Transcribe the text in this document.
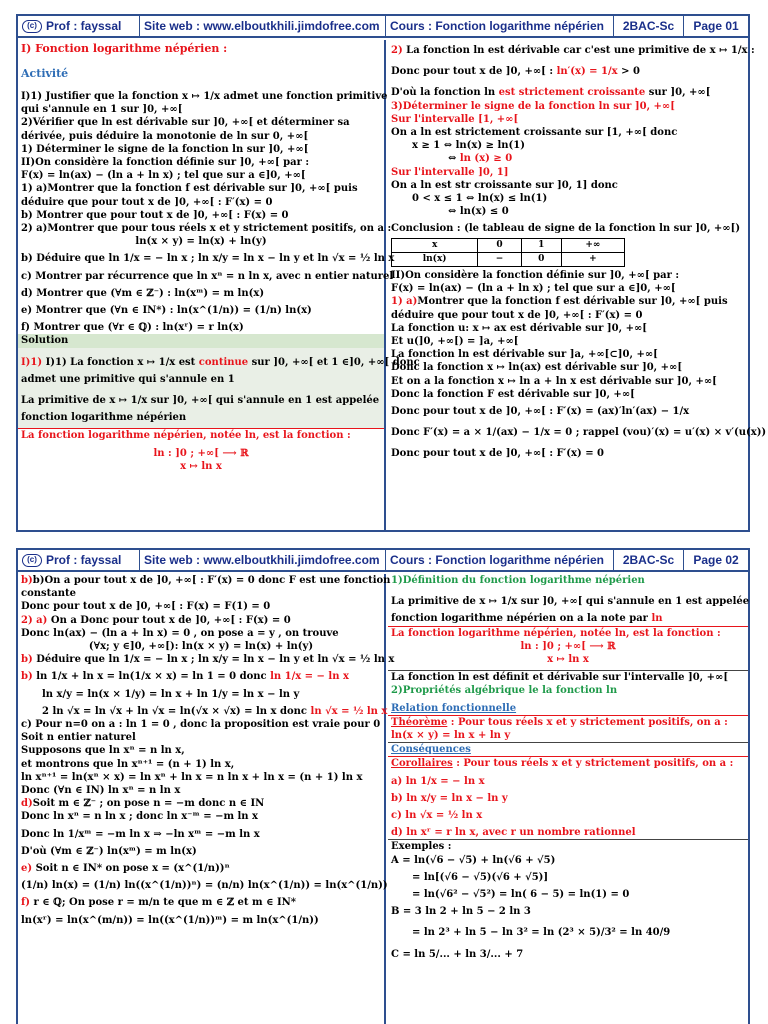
(c) Prof : fayssal	Site web : www.elboutkhili.jimdofree.com Cours : Fonction logarithme népérien	2BAC-Sc	Page 01
I) Fonction logarithme népérien :
Activité
I)1) Justifier que la fonction x ↦ 1/x admet une fonction primitive
qui s'annule en 1 sur ]0, +∞[
2)Vérifier que ln est dérivable sur ]0, +∞[ et déterminer sa
dérivée, puis déduire la monotonie de ln sur 0, +∞[
1) Déterminer le signe de la fonction ln sur ]0, +∞[
II)On considère la fonction définie sur ]0, +∞[ par :
F(x) = ln(ax) − (ln a + ln x) ; tel que sur a ∈]0, +∞[
1) a)Montrer que la fonction f est dérivable sur ]0, +∞[ puis
déduire que pour tout x de ]0, +∞[ : F′(x) = 0
b) Montrer que pour tout x de ]0, +∞[ : F(x) = 0
2) a)Montrer que pour tous réels x et y strictement positifs, on a :
ln(x × y) = ln(x) + ln(y)
b) Déduire que ln 1/x = − ln x ; ln x/y = ln x − ln y et ln √x = ½ ln x
c) Montrer par récurrence que ln xⁿ = n ln x, avec n entier naturel
d) Montrer que (∀m ∈ ℤ⁻) : ln(xᵐ) = m ln(x)
e) Montrer que (∀n ∈ IN*) : ln(x^(1/n)) = (1/n) ln(x)
f) Montrer que (∀r ∈ ℚ) : ln(xʳ) = r ln(x)
Solution
I)1) I)1) La fonction x ↦ 1/x est continue sur ]0, +∞[ et 1 ∈]0, +∞[ donc
admet une primitive qui s'annule en 1
La primitive de x ↦ 1/x sur ]0, +∞[ qui s'annule en 1 est appelée
fonction logarithme népérien
La fonction logarithme népérien, notée ln, est la fonction :
ln : ]0 ; +∞[ ⟶ ℝ
x ↦ ln x
2) La fonction ln est dérivable car c'est une primitive de x ↦ 1/x :
Donc pour tout x de ]0, +∞[ : ln′(x) = 1/x > 0
D'où la fonction ln est strictement croissante sur ]0, +∞[
3)Déterminer le signe de la fonction ln sur ]0, +∞[
Sur l'intervalle [1, +∞[
On a ln est strictement croissante sur [1, +∞[ donc
x ≥ 1 ⇔ ln(x) ≥ ln(1)
⇔ ln (x) ≥ 0
Sur l'intervalle ]0, 1]
On a ln est str croissante sur ]0, 1] donc
0 < x ≤ 1 ⇔ ln(x) ≤ ln(1)
⇔ ln(x) ≤ 0
Conclusion : (le tableau de signe de la fonction ln sur ]0, +∞[)
x	0	1	+∞
ln(x)	−	0	+
II)On considère la fonction définie sur ]0, +∞[ par :
F(x) = ln(ax) − (ln a + ln x) ; tel que sur a ∈]0, +∞[
1) a)Montrer que la fonction f est dérivable sur ]0, +∞[ puis
déduire que pour tout x de ]0, +∞[ : F′(x) = 0
La fonction u: x ↦ ax est dérivable sur ]0, +∞[
Et u(]0, +∞[) = ]a, +∞[
La fonction ln est dérivable sur ]a, +∞[⊂]0, +∞[
Donc la fonction x ↦ ln(ax) est dérivable sur ]0, +∞[
Et on a la fonction x ↦ ln a + ln x est dérivable sur ]0, +∞[
Donc la fonction F est dérivable sur ]0, +∞[
Donc pour tout x de ]0, +∞[ : F′(x) = (ax)′ln′(ax) − 1/x
Donc F′(x) = a × 1/(ax) − 1/x = 0 ; rappel (vou)′(x) = u′(x) × v′(u(x))
Donc pour tout x de ]0, +∞[ : F′(x) = 0
(c) Prof : fayssal	Site web : www.elboutkhili.jimdofree.com Cours : Fonction logarithme népérien	2BAC-Sc	Page 02
b)b)On a pour tout x de ]0, +∞[ : F′(x) = 0 donc F est une fonction
constante
Donc pour tout x de ]0, +∞[ : F(x) = F(1) = 0
2) a) On a Donc pour tout x de ]0, +∞[ : F(x) = 0
Donc ln(ax) − (ln a + ln x) = 0 , on pose a = y , on trouve
(∀x; y ∈]0, +∞[): ln(x × y) = ln(x) + ln(y)
b) Déduire que ln 1/x = − ln x ; ln x/y = ln x − ln y et ln √x = ½ ln x
b) ln 1/x + ln x = ln(1/x × x) = ln 1 = 0 donc ln 1/x = − ln x
ln x/y = ln(x × 1/y) = ln x + ln 1/y = ln x − ln y
2 ln √x = ln √x + ln √x = ln(√x × √x) = ln x donc ln √x = ½ ln x
c) Pour n=0 on a : ln 1 = 0 , donc la proposition est vraie pour 0
Soit n entier naturel
Supposons que ln xⁿ = n ln x,
et montrons que ln xⁿ⁺¹ = (n + 1) ln x,
ln xⁿ⁺¹ = ln(xⁿ × x) = ln xⁿ + ln x = n ln x + ln x = (n + 1) ln x
Donc (∀n ∈ IN) ln xⁿ = n ln x
d)Soit m ∈ ℤ⁻ ; on pose n = −m donc n ∈ IN
Donc ln xⁿ = n ln x ; donc ln x⁻ᵐ = −m ln x
Donc ln 1/xᵐ = −m ln x ⇒ −ln xᵐ = −m ln x
D'où (∀m ∈ ℤ⁻) ln(xᵐ) = m ln(x)
e) Soit n ∈ IN* on pose x = (x^(1/n))ⁿ
(1/n) ln(x) = (1/n) ln((x^(1/n))ⁿ) = (n/n) ln(x^(1/n)) = ln(x^(1/n))
f) r ∈ ℚ; On pose r = m/n te que m ∈ ℤ et m ∈ IN*
ln(xʳ) = ln(x^(m/n)) = ln((x^(1/n))ᵐ) = m ln(x^(1/n))
1)Définition du fonction logarithme népérien
La primitive de x ↦ 1/x sur ]0, +∞[ qui s'annule en 1 est appelée
fonction logarithme népérien on a la note par ln
La fonction logarithme népérien, notée ln, est la fonction :
ln : ]0 ; +∞[ ⟶ ℝ
x ↦ ln x
La fonction ln est définit et dérivable sur l'intervalle ]0, +∞[
2)Propriétés algébrique le la fonction ln
Relation fonctionnelle
Théorème : Pour tous réels x et y strictement positifs, on a :
ln(x × y) = ln x + ln y
Conséquences
Corollaires : Pour tous réels x et y strictement positifs, on a :
a) ln 1/x = − ln x
b) ln x/y = ln x − ln y
c) ln √x = ½ ln x
d) ln xʳ = r ln x, avec r un nombre rationnel
Exemples :
A = ln(√6 − √5) + ln(√6 + √5)
= ln[(√6 − √5)(√6 + √5)]
= ln(√6² − √5²) = ln( 6 − 5) = ln(1) = 0
B = 3 ln 2 + ln 5 − 2 ln 3
= ln 2³ + ln 5 − ln 3² = ln (2³ × 5)/3² = ln 40/9
C = ln 5/... + ln 3/... + 7
